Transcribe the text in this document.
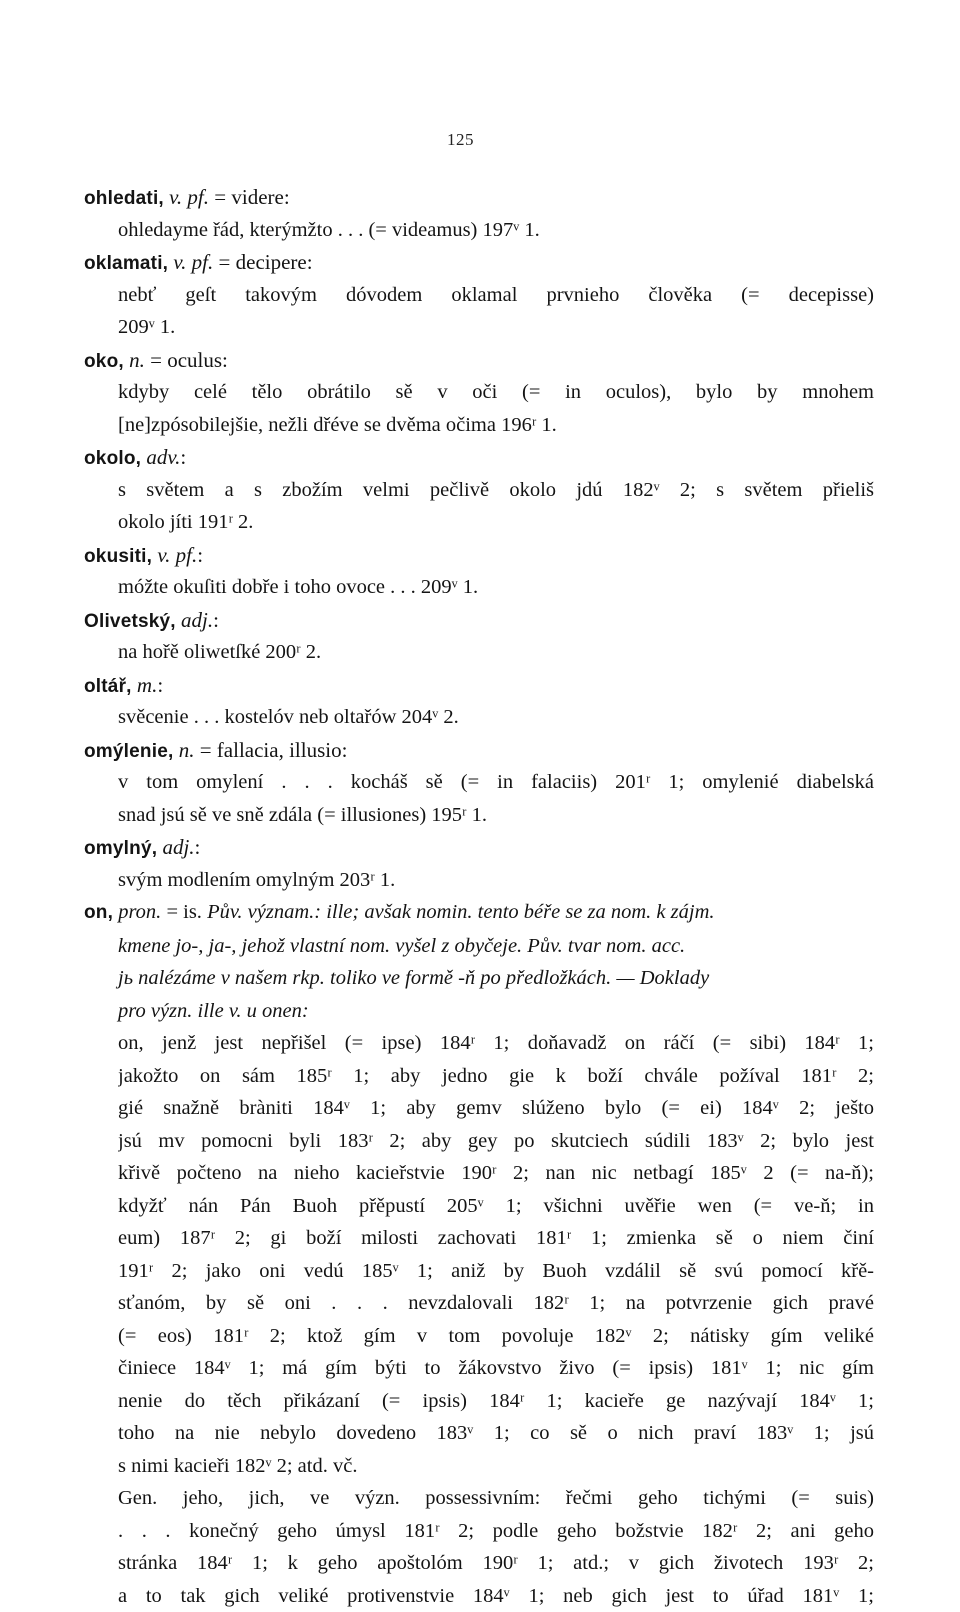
125
ohledati, v. pf. = videre:

ohledayme řád, kterýmžto . . . (= videamus) 197ᵛ 1.

oklamati, v. pf. = decipere:

nebť geſt takovým dóvodem oklamal prvnieho člověka (= decepisse)

209ᵛ 1.

oko, n. = oculus:

kdyby celé tělo obrátilo sě v oči (= in oculos), bylo by mnohem

[ne]zpósobilejšie, nežli dřéve se dvěma očima 196ʳ 1.

okolo, adv.:

s světem a s zbožím velmi pečlivě okolo jdú 182ᵛ 2; s světem přieliš

okolo jíti 191ʳ 2.

okusiti, v. pf.:

móžte okuſiti dobře i toho ovoce . . . 209ᵛ 1.

Olivetský, adj.:

na hořě oliwetſké 200ʳ 2.

oltář, m.:

svěcenie . . . kostelóv neb oltařów 204ᵛ 2.

omýlenie, n. = fallacia, illusio:

v tom omylení . . . kocháš sě (= in falaciis) 201ʳ 1; omylenié diabelská

snad jsú sě ve sně zdála (= illusiones) 195ʳ 1.

omylný, adj.:

svým modlením omylným 203ʳ 1.

on, pron. = is. Pův. význam.: ille; avšak nomin. tento béře se za nom. k zájm.
kmene jo-, ja-, jehož vlastní nom. vyšel z obyčeje. Pův. tvar nom. acc.
jь nalézáme v našem rkp. toliko ve formě -ň po předložkách. — Doklady
pro význ. ille v. u onen:

on, jenž jest nepřišel (= ipse) 184ʳ 1; doňavadž on ráčí (= sibi) 184ʳ 1;

jakožto on sám 185ʳ 1; aby jedno gie k boží chvále požíval 181ʳ 2;

gié snažně bràniti 184ᵛ 1; aby gemv slúženo bylo (= ei) 184ᵛ 2; ješto

jsú mv pomocni byli 183ʳ 2; aby gey po skutciech súdili 183ᵛ 2; bylo jest

křivě počteno na nieho kacieřstvie 190ʳ 2; nan nic netbagí 185ᵛ 2 (= na-ň);

kdyžť nán Pán Buoh přěpustí 205ᵛ 1; všichni uvěřie wen (= ve-ň; in

eum) 187ʳ 2; gi boží milosti zachovati 181ʳ 1; zmienka sě o niem činí

191ʳ 2; jako oni vedú 185ᵛ 1; aniž by Buoh vzdálil sě svú pomocí křě-

sťanóm, by sě oni . . . nevzdalovali 182ʳ 1; na potvrzenie gich pravé

(= eos) 181ʳ 2; ktož gím v tom povoluje 182ᵛ 2; nátisky gím veliké

činiece 184ᵛ 1; má gím býti to žákovstvo živo (= ipsis) 181ᵛ 1; nic gím

nenie do těch přikázaní (= ipsis) 184ʳ 1; kacieře ge nazývají 184ᵛ 1;

toho na nie nebylo dovedeno 183ᵛ 1; co sě o nich praví 183ᵛ 1; jsú

s nimi kacieři 182ᵛ 2; atd. vč.

Gen. jeho, jich, ve význ. possessivním: řečmi geho tichými (= suis)

. . . konečný geho úmysl 181ʳ 2; podle geho božstvie 182ʳ 2; ani geho

stránka 184ʳ 1; k geho apoštolóm 190ʳ 1; atd.; v gich životech 193ʳ 2;

a to tak gich veliké protivenstvie 184ᵛ 1; neb gich jest to úřad 181ᵛ 1;
